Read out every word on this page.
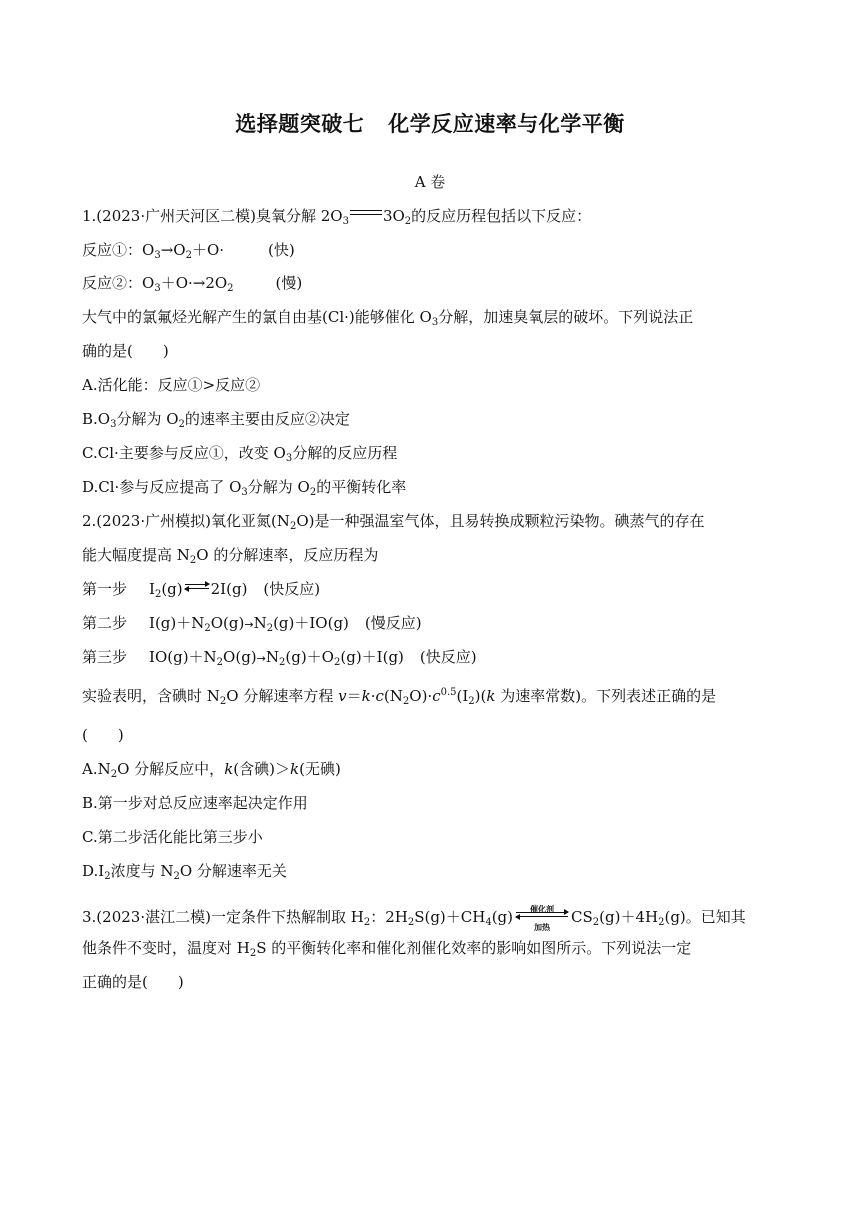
选择题突破七 化学反应速率与化学平衡
A 卷
1.(2023·广州天河区二模)臭氧分解 $2O_3$ $3O_2$的反应历程包括以下反应：
反应①：$O_3\to O_2+O\cdot$	(快)
反应②：$O_3+O\cdot\to 2O_2$	(慢)
大气中的氯氟烃光解产生的氯自由基(Cl·)能够催化 $O_3$分解，加速臭氧层的破坏。下列说法正
确的是(　　)
A.活化能：反应①>反应②
$B.O_3$分解为 $O_2$的速率主要由反应②决定
C.Cl·主要参与反应①，改变 $O_3$分解的反应历程
D.Cl·参与反应提高了 $O_3$分解为 $O_2$的平衡转化率
2.(2023·广州模拟)氧化亚氮$(N_2O)$是一种强温室气体，且易转换成颗粒污染物。碘蒸气的存在
能大幅度提高 $N_2O$ 的分解速率，反应历程为
第一步 $I_2(g)\rightleftharpoons 2I(g)$ (快反应)
第二步 $I(g)+N_2O(g)\to N_2(g)+IO(g)$ (慢反应)
第三步 $IO(g)+N_2O(g)\to N_2(g)+O_2(g)+I(g)$ (快反应)
实验表明，含碘时 $N_2O$ 分解速率方程 $v=k\cdot c(N_2O)\cdot c^{0.5}(I_2)(k$ 为速率常数)。下列表述正确的是
(　　)
$A.N_2O$ 分解反应中，k(含碘)＞k(无碘)
B.第一步对总反应速率起决定作用
C.第二步活化能比第三步小
$D.I_2$浓度与 $N_2O$ 分解速率无关
3.(2023·湛江二模)一定条件下热解制取 $H_2$：$2H_2S(g)+CH_4(g)$	催化剂
加热
$CS_2(g)+4H_2(g)$。已知其
他条件不变时，温度对 $H_2S$ 的平衡转化率和催化剂催化效率的影响如图所示。下列说法一定
正确的是(　　)
